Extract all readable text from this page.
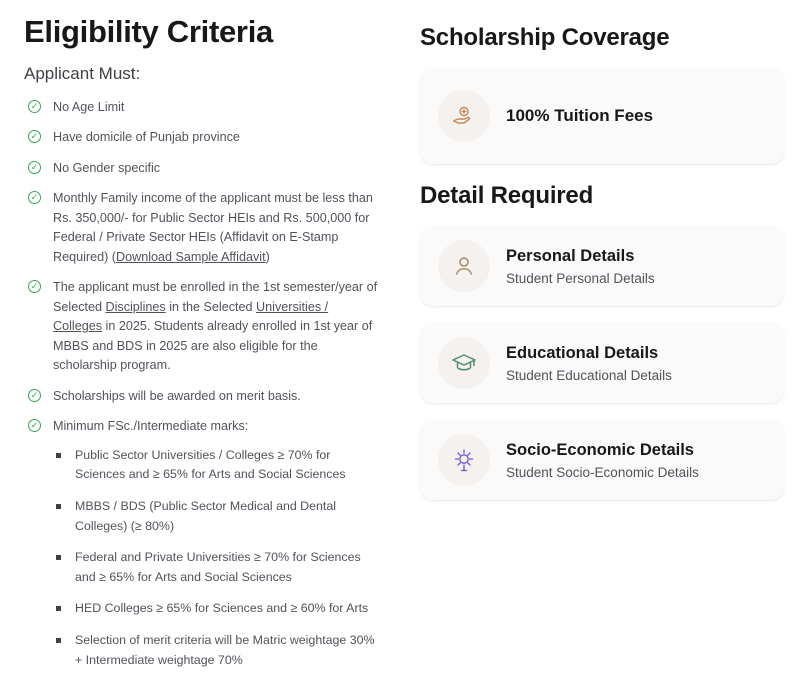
Eligibility Criteria
Applicant Must:
✓ No Age Limit
✓ Have domicile of Punjab province
✓ No Gender specific
✓ Monthly Family income of the applicant must be less than Rs. 350,000/- for Public Sector HEIs and Rs. 500,000 for Federal / Private Sector HEIs (Affidavit on E-Stamp Required) (Download Sample Affidavit)
✓ The applicant must be enrolled in the 1st semester/year of Selected Disciplines in the Selected Universities / Colleges in 2025. Students already enrolled in 1st year of MBBS and BDS in 2025 are also eligible for the scholarship program.
✓ Scholarships will be awarded on merit basis.
✓ Minimum FSc./Intermediate marks:
Public Sector Universities / Colleges ≥ 70% for Sciences and ≥ 65% for Arts and Social Sciences
MBBS / BDS (Public Sector Medical and Dental Colleges) (≥ 80%)
Federal and Private Universities ≥ 70% for Sciences and ≥ 65% for Arts and Social Sciences
HED Colleges ≥ 65% for Sciences and ≥ 60% for Arts
Selection of merit criteria will be Matric weightage 30% + Intermediate weightage 70%
Scholarship Coverage
100% Tuition Fees
Detail Required
Personal Details
Student Personal Details
Educational Details
Student Educational Details
Socio-Economic Details
Student Socio-Economic Details
